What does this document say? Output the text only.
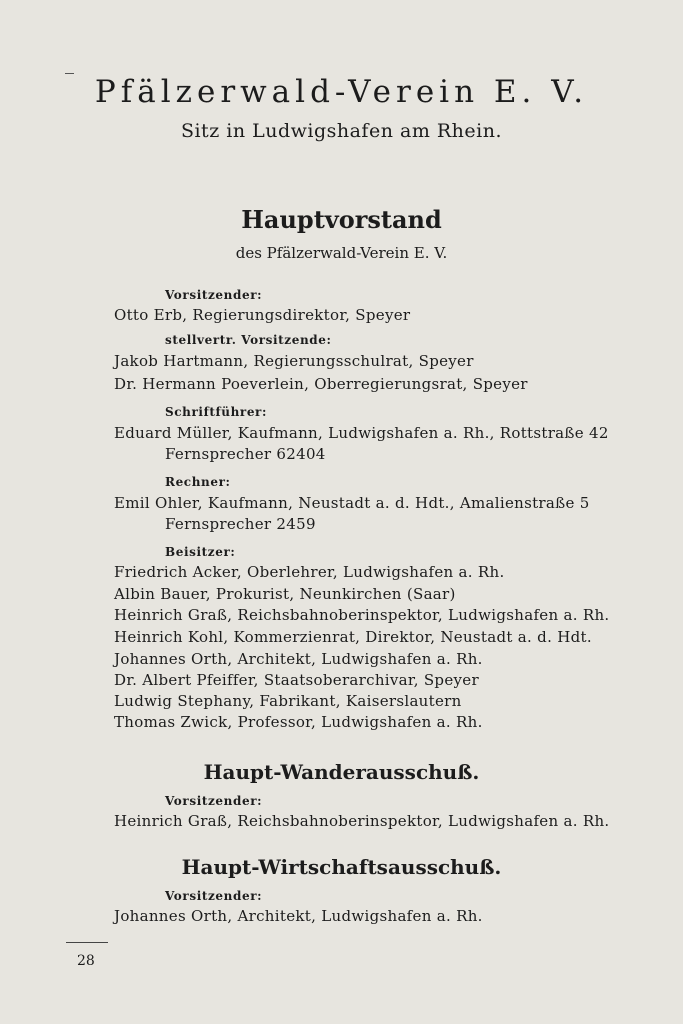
Pfälzerwald-Verein E. V.
Sitz in Ludwigshafen am Rhein.
Hauptvorstand
des Pfälzerwald-Verein E. V.
Vorsitzender:
Otto Erb, Regierungsdirektor, Speyer
stellvertr. Vorsitzende:
Jakob Hartmann, Regierungsschulrat, Speyer
Dr. Hermann Poeverlein, Oberregierungsrat, Speyer
Schriftführer:
Eduard Müller, Kaufmann, Ludwigshafen a. Rh., Rottstraße 42
Fernsprecher 62404
Rechner:
Emil Ohler, Kaufmann, Neustadt a. d. Hdt., Amalienstraße 5
Fernsprecher 2459
Beisitzer:
Friedrich Acker, Oberlehrer, Ludwigshafen a. Rh.
Albin Bauer, Prokurist, Neunkirchen (Saar)
Heinrich Graß, Reichsbahnoberinspektor, Ludwigshafen a. Rh.
Heinrich Kohl, Kommerzienrat, Direktor, Neustadt a. d. Hdt.
Johannes Orth, Architekt, Ludwigshafen a. Rh.
Dr. Albert Pfeiffer, Staatsoberarchivar, Speyer
Ludwig Stephany, Fabrikant, Kaiserslautern
Thomas Zwick, Professor, Ludwigshafen a. Rh.
Haupt-Wanderausschuß.
Vorsitzender:
Heinrich Graß, Reichsbahnoberinspektor, Ludwigshafen a. Rh.
Haupt-Wirtschaftsausschuß.
Vorsitzender:
Johannes Orth, Architekt, Ludwigshafen a. Rh.
28
